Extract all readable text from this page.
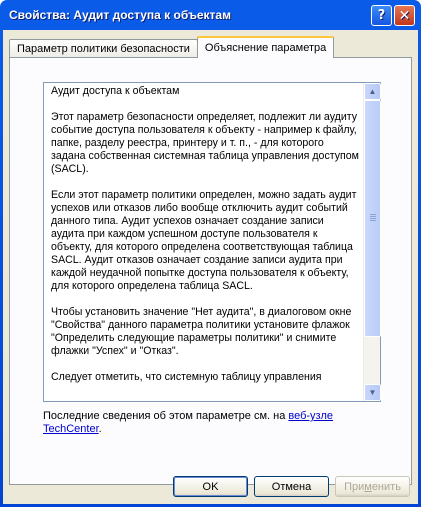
Свойства: Аудит доступа к объектам	? ✕
Параметр политики безопасности	Объяснение параметра
Аудит доступа к объектам

Этот параметр безопасности определяет, подлежит ли аудиту событие доступа пользователя к объекту - например к файлу, папке, разделу реестра, принтеру и т. п., - для которого задана собственная системная таблица управления доступом (SACL).

Если этот параметр политики определен, можно задать аудит успехов или отказов либо вообще отключить аудит событий данного типа. Аудит успехов означает создание записи аудита при каждом успешном доступе пользователя к объекту, для которого определена соответствующая таблица SACL. Аудит отказов означает создание записи аудита при каждой неудачной попытке доступа пользователя к объекту, для которого определена таблица SACL.

Чтобы установить значение "Нет аудита", в диалоговом окне "Свойства" данного параметра политики установите флажок "Определить следующие параметры политики" и снимите флажки "Успех" и "Отказ".

Следует отметить, что системную таблицу управления
▲
▼
Последние сведения об этом параметре см. на веб-узле TechCenter.
OK	Отмена	При м енить
